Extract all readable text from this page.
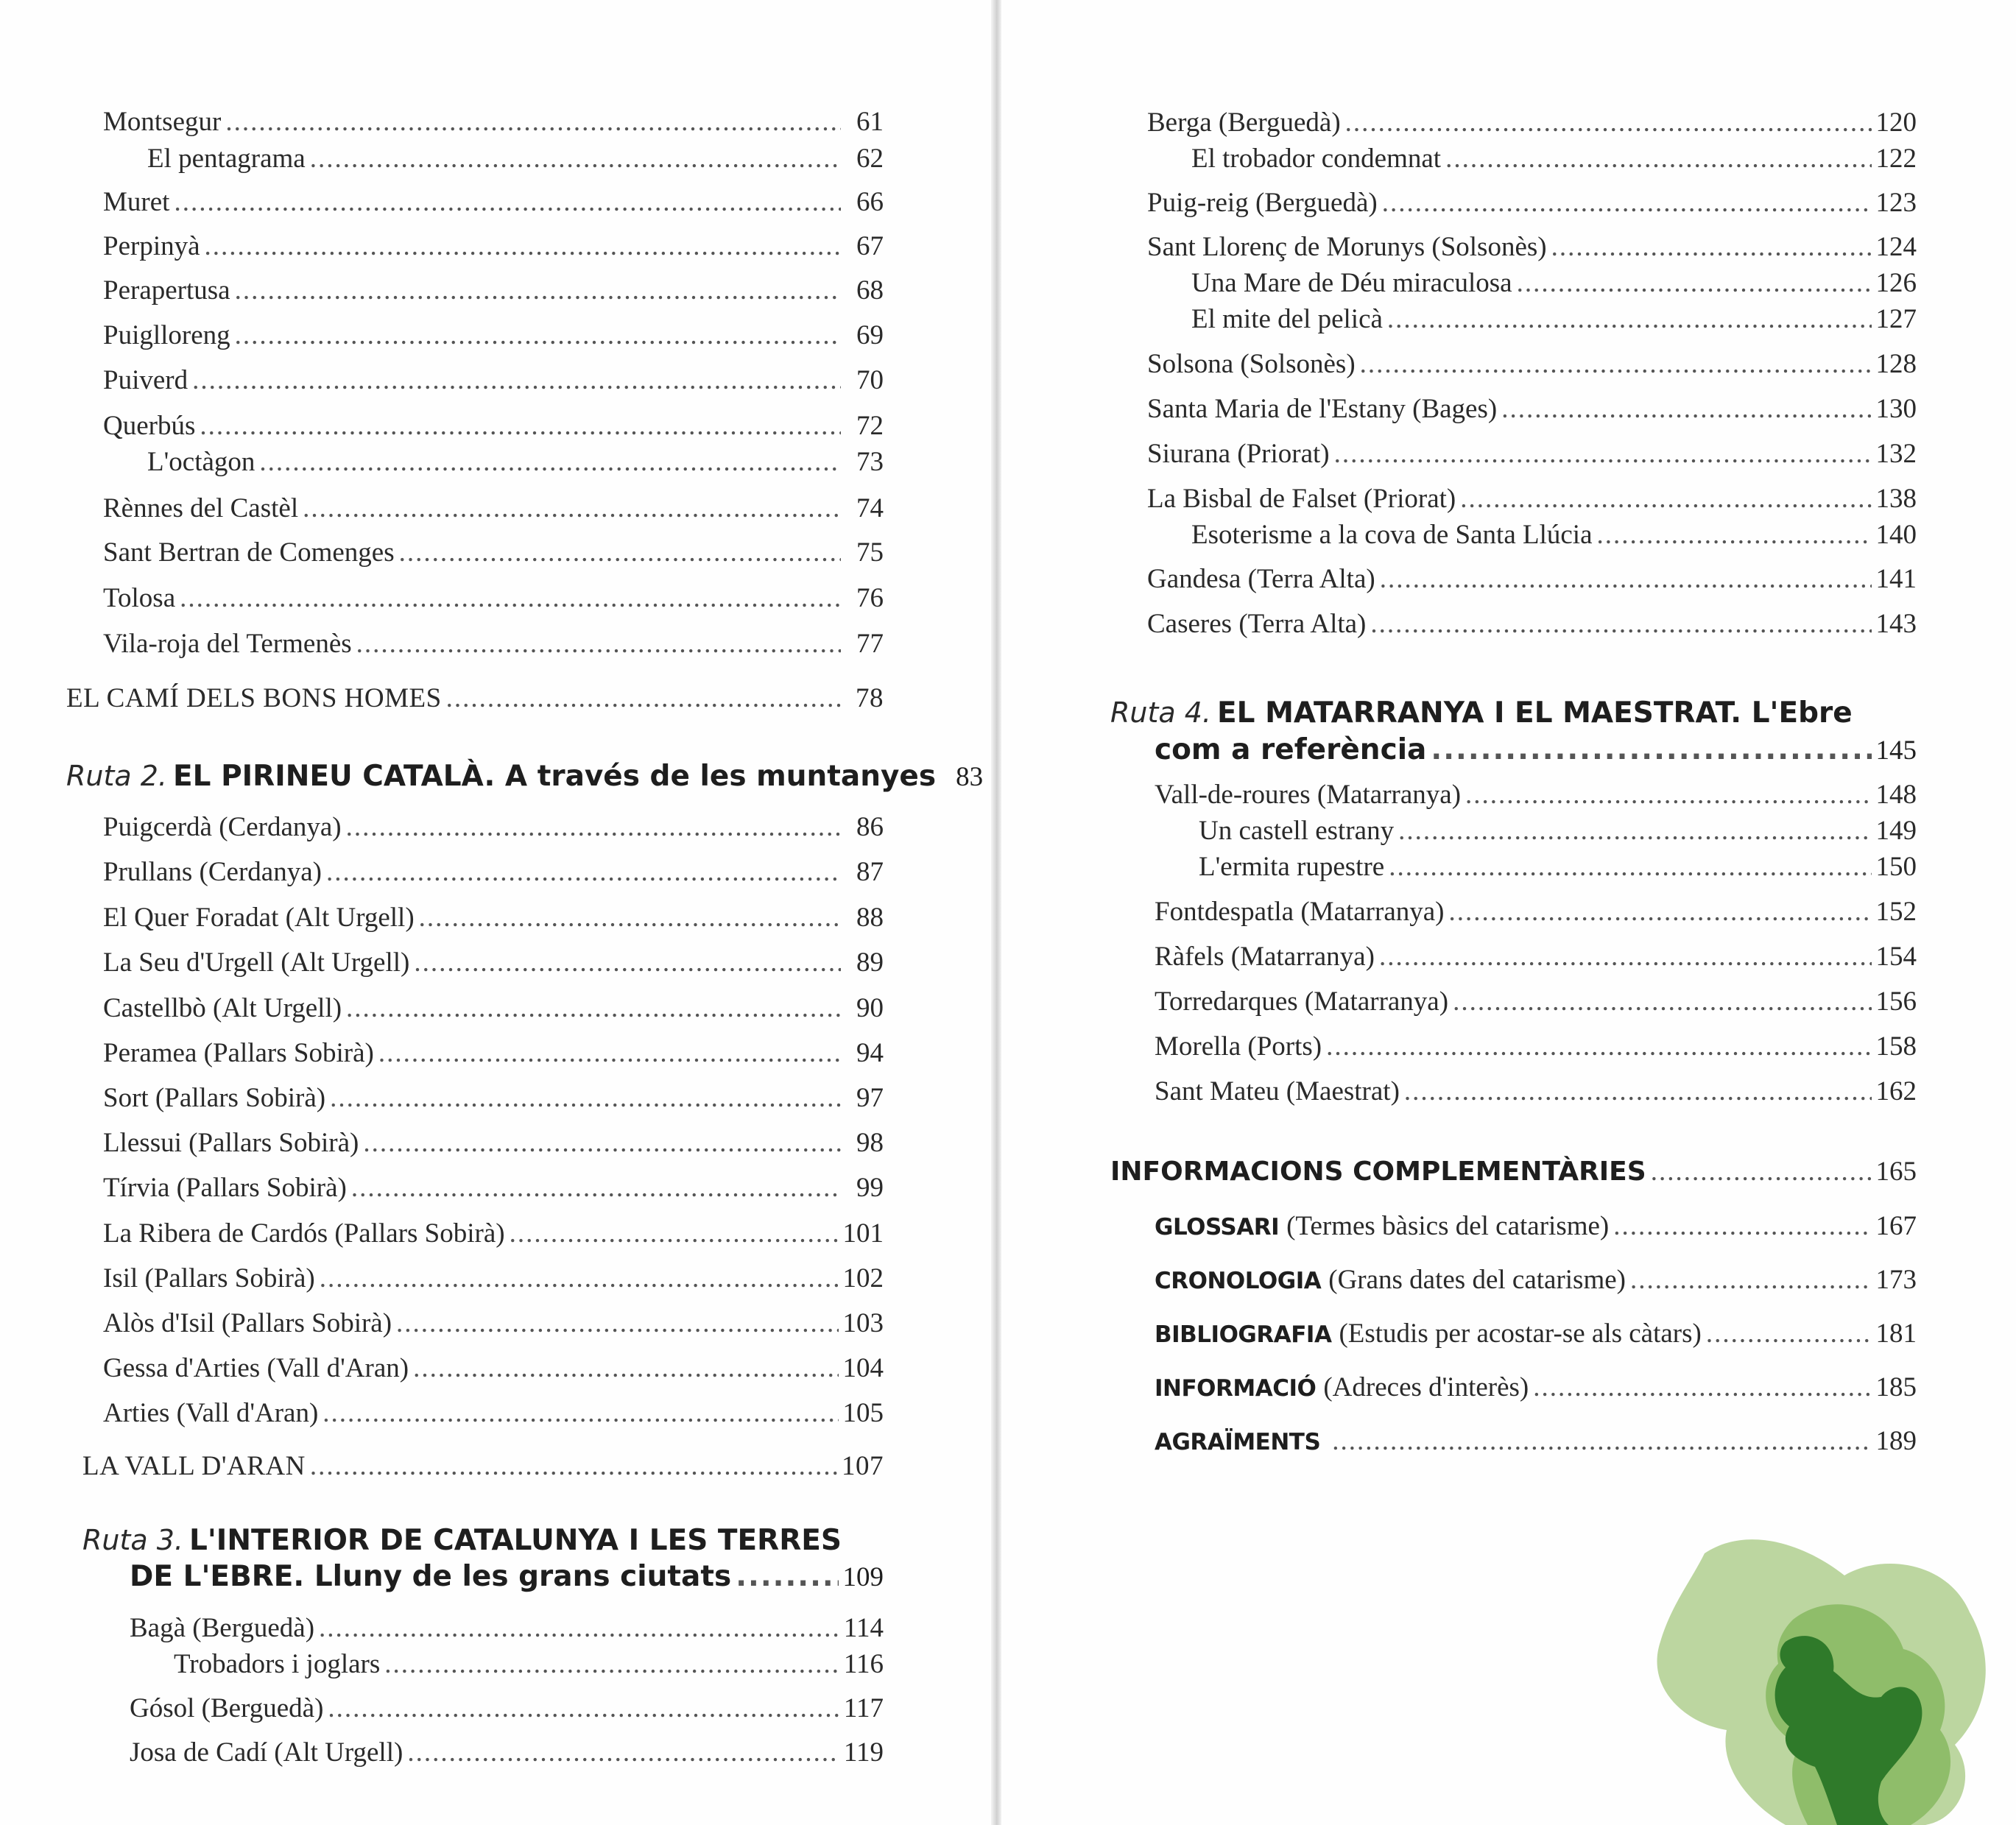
Montsegur .....	61
El pentagrama .....	62
Muret .....	66
Perpinyà .....	67
Perapertusa .....	68
Puiglloreng .....	69
Puiverd .....	70
Querbús .....	72
L'octàgon .....	73
Rènnes del Castèl .....	74
Sant Bertran de Comenges .....	75
Tolosa .....	76
Vila-roja del Termenès .....	77
EL CAMÍ DELS BONS HOMES .....	78
Ruta 2. EL PIRINEU CATALÀ. A través de les muntanyes 83
Puigcerdà (Cerdanya) .....	86
Prullans (Cerdanya) .....	87
El Quer Foradat (Alt Urgell) .....	88
La Seu d'Urgell (Alt Urgell) .....	89
Castellbò (Alt Urgell) .....	90
Peramea (Pallars Sobirà) .....	94
Sort (Pallars Sobirà) .....	97
Llessui (Pallars Sobirà) .....	98
Tírvia (Pallars Sobirà) .....	99
La Ribera de Cardós (Pallars Sobirà) .....	101
Isil (Pallars Sobirà) .....	102
Alòs d'Isil (Pallars Sobirà) .....	103
Gessa d'Arties (Vall d'Aran) .....	104
Arties (Vall d'Aran) .....	105
LA VALL D'ARAN .....	107
Ruta 3. L'INTERIOR DE CATALUNYA I LES TERRES
DE L'EBRE. Lluny de les grans ciutats .....	109
Bagà (Berguedà) .....	114
Trobadors i joglars .....	116
Gósol (Berguedà) .....	117
Josa de Cadí (Alt Urgell) .....	119
Berga (Berguedà) .....	120
El trobador condemnat .....	122
Puig-reig (Berguedà) .....	123
Sant Llorenç de Morunys (Solsonès) .....	124
Una Mare de Déu miraculosa .....	126
El mite del pelicà .....	127
Solsona (Solsonès) .....	128
Santa Maria de l'Estany (Bages) .....	130
Siurana (Priorat) .....	132
La Bisbal de Falset (Priorat) .....	138
Esoterisme a la cova de Santa Llúcia .....	140
Gandesa (Terra Alta) .....	141
Caseres (Terra Alta) .....	143
Ruta 4. EL MATARRANYA I EL MAESTRAT. L'Ebre
com a referència .....	145
Vall-de-roures (Matarranya) .....	148
Un castell estrany .....	149
L'ermita rupestre .....	150
Fontdespatla (Matarranya) .....	152
Ràfels (Matarranya) .....	154
Torredarques (Matarranya) .....	156
Morella (Ports) .....	158
Sant Mateu (Maestrat) .....	162
INFORMACIONS COMPLEMENTÀRIES .....	165
GLOSSARI (Termes bàsics del catarisme) .....	167
CRONOLOGIA (Grans dates del catarisme) .....	173
BIBLIOGRAFIA (Estudis per acostar-se als càtars) .....	181
INFORMACIÓ (Adreces d'interès) .....	185
AGRAÏMENTS .....	189
